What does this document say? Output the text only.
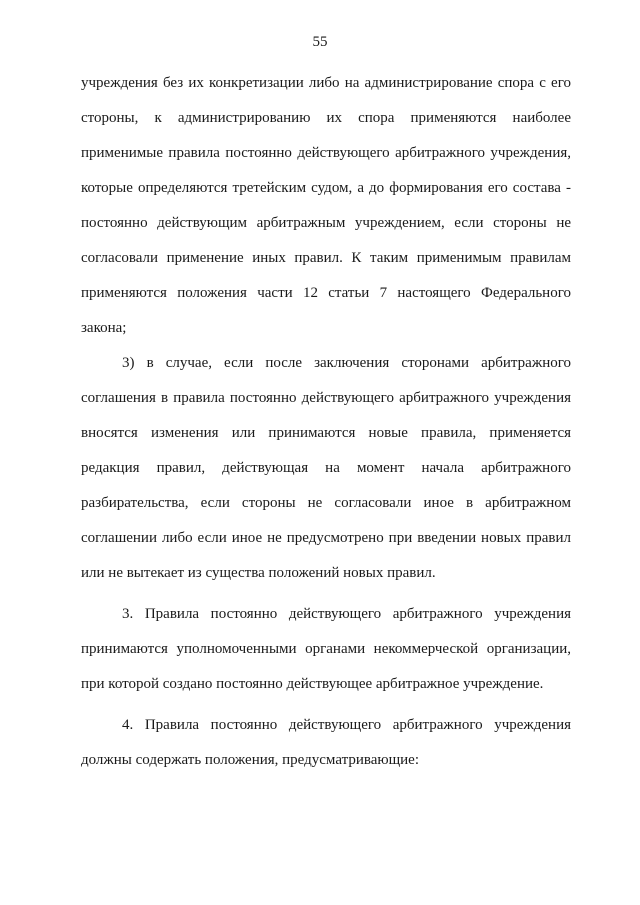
55

учреждения без их конкретизации либо на администрирование спора с его стороны, к администрированию их спора применяются наиболее применимые правила постоянно действующего арбитражного учреждения, которые определяются третейским судом, а до формирования его состава - постоянно действующим арбитражным учреждением, если стороны не согласовали применение иных правил. К таким применимым правилам применяются положения части 12 статьи 7 настоящего Федерального закона;

3) в случае, если после заключения сторонами арбитражного соглашения в правила постоянно действующего арбитражного учреждения вносятся изменения или принимаются новые правила, применяется редакция правил, действующая на момент начала арбитражного разбирательства, если стороны не согласовали иное в арбитражном соглашении либо если иное не предусмотрено при введении новых правил или не вытекает из существа положений новых правил.

3. Правила постоянно действующего арбитражного учреждения принимаются уполномоченными органами некоммерческой организации, при которой создано постоянно действующее арбитражное учреждение.

4. Правила постоянно действующего арбитражного учреждения должны содержать положения, предусматривающие:
